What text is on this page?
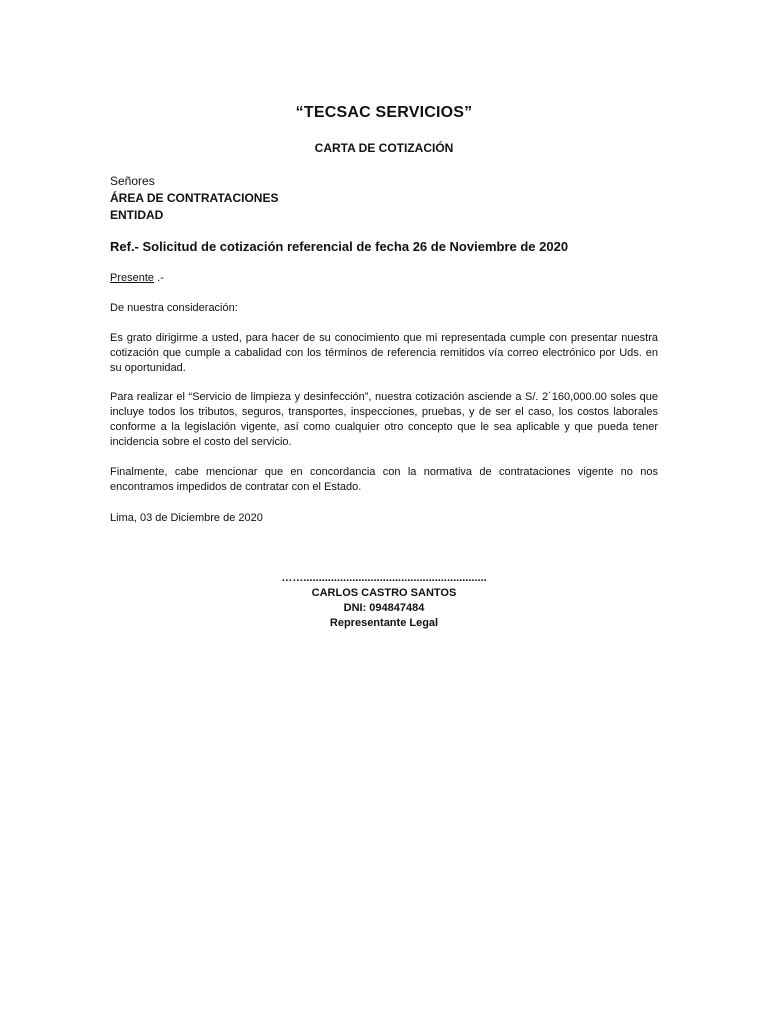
“TECSAC SERVICIOS”
CARTA DE COTIZACIÓN
Señores
ÁREA DE CONTRATACIONES
ENTIDAD
Ref.- Solicitud de cotización referencial de fecha 26 de Noviembre de 2020
Presente .-
De nuestra consideración:
Es grato dirigirme a usted, para hacer de su conocimiento que mi representada cumple con presentar nuestra cotización que cumple a cabalidad con los términos de referencia remitidos vía correo electrónico por Uds. en su oportunidad.
Para realizar el “Servicio de limpieza y desinfección”, nuestra cotización asciende a S/. 2´160,000.00 soles que incluye todos los tributos, seguros, transportes, inspecciones, pruebas, y de ser el caso, los costos laborales conforme a la legislación vigente, así como cualquier otro concepto que le sea aplicable y que pueda tener incidencia sobre el costo del servicio.
Finalmente, cabe mencionar que en concordancia con la normativa de contrataciones vigente no nos encontramos impedidos de contratar con el Estado.
Lima, 03 de Diciembre de 2020
……............................................................
CARLOS CASTRO SANTOS
DNI: 094847484
Representante Legal
